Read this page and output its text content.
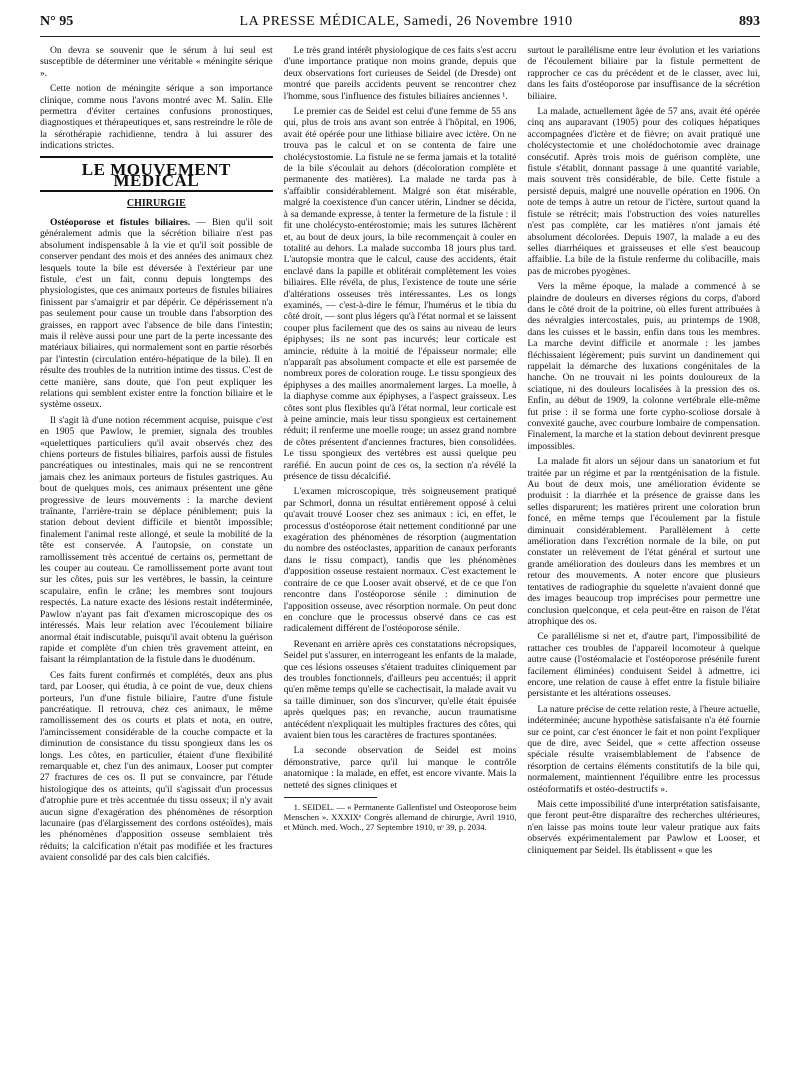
N° 95	LA PRESSE MÉDICALE, Samedi, 26 Novembre 1910	893

On devra se souvenir que le sérum à lui seul est susceptible de déterminer une véritable « méningite sérique ».

Cette notion de méningite sérique a son importance clinique, comme nous l'avons montré avec M. Salin. Elle permettra d'éviter certaines confusions pronostiques, diagnostiques et thérapeutiques et, sans restreindre le rôle de la sérothérapie rachidienne, tendra à lui assurer des indications strictes.

LE MOUVEMENT MÉDICAL
CHIRURGIE

Ostéoporose et fistules biliaires. — Bien qu'il soit généralement admis que la sécrétion biliaire n'est pas absolument indispensable à la vie et qu'il soit possible de conserver pendant des mois et des années des animaux chez lesquels toute la bile est déversée à l'extérieur par une fistule, c'est un fait, connu depuis longtemps des physiologistes, que ces animaux porteurs de fistules biliaires finissent par s'amaigrir et par dépérir. Ce dépérissement n'a pas seulement pour cause un trouble dans l'absorption des graisses, en rapport avec l'absence de bile dans l'intestin; mais il relève aussi pour une part de la perte incessante des matériaux biliaires, qui normalement sont en partie résorbés par l'intestin (circulation entéro-hépatique de la bile). Il en résulte des troubles de la nutrition intime des tissus. C'est de cette manière, sans doute, que l'on peut expliquer les relations qui semblent exister entre la fonction biliaire et le système osseux.

Il s'agit là d'une notion récemment acquise, puisque c'est en 1905 que Pawlow, le premier, signala des troubles «quelettiques particuliers qu'il avait observés chez des chiens porteurs de fistules biliaires, parfois aussi de fistules pancréatiques ou intestinales, mais qui ne se rencontrent jamais chez les animaux porteurs de fistules gastriques. Au bout de quelques mois, ces animaux présentent une gêne progressive de leurs mouvements : la marche devient traînante, l'arrière-train se déplace péniblement; puis la station debout devient difficile et bientôt impossible; finalement l'animal reste allongé, et seule la mobilité de la tête est conservée. A l'autopsie, on constate un ramollissement très accentué de certains os, permettant de les couper au couteau. Ce ramollissement porte avant tout sur les côtes, puis sur les vertèbres, le bassin, la ceinture scapulaire, enfin le crâne; les membres sont toujours respectés. La nature exacte des lésions restait indéterminée, Pawlow n'ayant pas fait d'examen microscopique des os intéressés. Mais leur relation avec l'écoulement biliaire anormal était indiscutable, puisqu'il avait obtenu la guérison rapide et complète d'un chien très gravement atteint, en faisant la réimplantation de la fistule dans le duodénum.

Ces faits furent confirmés et complétés, deux ans plus tard, par Looser, qui étudia, à ce point de vue, deux chiens porteurs, l'un d'une fistule biliaire, l'autre d'une fistule pancréatique. Il retrouva, chez ces animaux, le même ramollissement des os courts et plats et nota, en outre, l'amincissement considérable de la couche compacte et la diminution de consistance du tissu spongieux dans les os longs. Les côtes, en particulier, étaient d'une flexibilité remarquable et, chez l'un des animaux, Looser put compter 27 fractures de ces os. Il put se convaincre, par l'étude histologique des os atteints, qu'il s'agissait d'un processus d'atrophie pure et très accentuée du tissu osseux; il n'y avait aucun signe d'exagération des phénomènes de résorption lacunaire (pas d'élargissement des cordons ostéoïdes), mais les phénomènes d'apposition osseuse semblaient très réduits; la calcification n'était pas modifiée et les fractures avaient consolidé par des cals bien calcifiés.

Le très grand intérêt physiologique de ces faits s'est accru d'une importance pratique non moins grande, depuis que deux observations fort curieuses de Seidel (de Dresde) ont montré que pareils accidents peuvent se rencontrer chez l'homme, sous l'influence des fistules biliaires anciennes ¹.

Le premier cas de Seidel est celui d'une femme de 55 ans qui, plus de trois ans avant son entrée à l'hôpital, en 1906, avait été opérée pour une lithiase biliaire avec ictère. On ne trouva pas le calcul et on se contenta de faire une cholécystostomie. La fistule ne se ferma jamais et la totalité de la bile s'écoulait au dehors (décoloration complète et permanente des matières). La malade ne tarda pas à s'affaiblir considérablement. Malgré son état misérable, malgré la coexistence d'un cancer utérin, Lindner se décida, à sa demande expresse, à tenter la fermeture de la fistule : il fit une cholécysto-entérostomie; mais les sutures lâchèrent et, au bout de deux jours, la bile recommençait à couler en totalité au dehors. La malade succomba 18 jours plus tard. L'autopsie montra que le calcul, cause des accidents, était enclavé dans la papille et oblitérait complètement les voies biliaires. Elle révéla, de plus, l'existence de toute une série d'altérations osseuses très intéressantes. Les os longs examinés, — c'est-à-dire le fémur, l'humérus et le tibia du côté droit, — sont plus légers qu'à l'état normal et se laissent couper plus facilement que des os sains au niveau de leurs épiphyses; ils ne sont pas incurvés; leur corticale est amincie, réduite à la moitié de l'épaisseur normale; elle n'apparaît pas absolument compacte et elle est parsemée de nombreux pores de coloration rouge. Le tissu spongieux des épiphyses a des mailles anormalement larges. La moelle, à la diaphyse comme aux épiphyses, a l'aspect graisseux. Les côtes sont plus flexibles qu'à l'état normal, leur corticale est à peine amincie, mais leur tissu spongieux est certainement réduit; il renferme une moelle rouge; un assez grand nombre de côtes présentent d'anciennes fractures, bien consolidées. Le tissu spongieux des vertèbres est aussi quelque peu raréfié. En aucun point de ces os, la section n'a révélé la présence de tissu décalcifié.

L'examen microscopique, très soigneusement pratiqué par Schmorl, donna un résultat entièrement opposé à celui qu'avait trouvé Looser chez ses animaux : ici, en effet, le processus d'ostéoporose était nettement conditionné par une exagération des phénomènes de résorption (augmentation du nombre des ostéoclastes, apparition de canaux perforants dans le tissu compact), tandis que les phénomènes d'apposition osseuse restaient normaux. C'est exactement le contraire de ce que Looser avait observé, et de ce que l'on rencontre dans l'ostéoporose sénile : diminution de l'apposition osseuse, avec résorption normale. On peut donc en conclure que le processus observé dans ce cas est radicalement différent de l'ostéoporose sénile.

Revenant en arrière après ces constatations nécropsiques, Seidel put s'assurer, en interrogeant les enfants de la malade, que ces lésions osseuses s'étaient traduites cliniquement par des troubles fonctionnels, d'ailleurs peu accentués; il apprit qu'en même temps qu'elle se cachectisait, la malade avait vu sa taille diminuer, son dos s'incurver, qu'elle était épuisée après quelques pas; en revanche, aucun traumatisme antécédent n'expliquait les multiples fractures des côtes, qui avaient bien tous les caractères de fractures spontanées.

La seconde observation de Seidel est moins démonstrative, parce qu'il lui manque le contrôle anatomique : la malade, en effet, est encore vivante. Mais la netteté des signes cliniques et

1. SEIDEL. — « Permanente Gallenfistel und Osteoporose beim Menschen ». XXXIXᵉ Congrès allemand de chirurgie, Avril 1910, et Münch. med. Woch., 27 Septembre 1910, nᵒ 39, p. 2034.

surtout le parallélisme entre leur évolution et les variations de l'écoulement biliaire par la fistule permettent de rapprocher ce cas du précédent et de le classer, avec lui, dans les faits d'ostéoporose par insuffisance de la sécrétion biliaire.

La malade, actuellement âgée de 57 ans, avait été opérée cinq ans auparavant (1905) pour des coliques hépatiques accompagnées d'ictère et de fièvre; on avait pratiqué une cholécystectomie et une cholédochotomie avec drainage consécutif. Après trois mois de guérison complète, une fistule s'établit, donnant passage à une quantité variable, mais souvent très considérable, de bile. Cette fistule a persisté depuis, malgré une nouvelle opération en 1906. On note de temps à autre un retour de l'ictère, surtout quand la fistule se rétrécit; mais l'obstruction des voies naturelles n'est pas complète, car les matières n'ont jamais été absolument décolorées. Depuis 1907, la malade a eu des selles diarrhéiques et graisseuses et elle s'est beaucoup affaiblie. La bile de la fistule renferme du colibacille, mais pas de microbes pyogènes.

Vers la même époque, la malade a commencé à se plaindre de douleurs en diverses régions du corps, d'abord dans le côté droit de la poitrine, où elles furent attribuées à des névralgies intercostales, puis, au printemps de 1908, dans les cuisses et le bassin, enfin dans tous les membres. La marche devint difficile et anormale : les jambes fléchissaient légèrement; puis survint un dandinement qui rappelait la démarche des luxations congénitales de la hanche. On ne trouvait ni les points douloureux de la sciatique, ni des douleurs localisées à la pression des os. Enfin, au début de 1909, la colonne vertébrale elle-même fut prise : il se forma une forte cypho-scoliose dorsale à convexité gauche, avec courbure lombaire de compensation. Finalement, la marche et la station debout devinrent presque impossibles.

La malade fit alors un séjour dans un sanatorium et fut traitée par un régime et par la rœntgénisation de la fistule. Au bout de deux mois, une amélioration évidente se produisit : la diarrhée et la présence de graisse dans les selles disparurent; les matières prirent une coloration brun foncé, en même temps que l'écoulement par la fistule diminuait considérablement. Parallèlement à cette amélioration dans l'excrétion normale de la bile, on put constater un relèvement de l'état général et surtout une grande amélioration des douleurs dans les membres et un retour des mouvements. A noter encore que plusieurs tentatives de radiographie du squelette n'avaient donné que des images beaucoup trop imprécises pour permettre une conclusion quelconque, et cela peut-être en raison de l'état atrophique des os.

Ce parallélisme si net et, d'autre part, l'impossibilité de rattacher ces troubles de l'appareil locomoteur à quelque autre cause (l'ostéomalacie et l'ostéoporose présénile furent facilement éliminées) conduisent Seidel à admettre, ici encore, une relation de cause à effet entre la fistule biliaire persistante et les altérations osseuses.

La nature précise de cette relation reste, à l'heure actuelle, indéterminée; aucune hypothèse satisfaisante n'a été fournie sur ce point, car c'est énoncer le fait et non point l'expliquer que de dire, avec Seidel, que « cette affection osseuse spéciale résulte vraisemblablement de l'absence de résorption de certains éléments constitutifs de la bile qui, normalement, maintiennent l'équilibre entre les processus ostéoformatifs et ostéo-destructifs ».

Mais cette impossibilité d'une interprétation satisfaisante, que feront peut-être disparaître des recherches ultérieures, n'en laisse pas moins toute leur valeur pratique aux faits observés expérimentalement par Pawlow et Looser, et cliniquement par Seidel. Ils établissent « que les
